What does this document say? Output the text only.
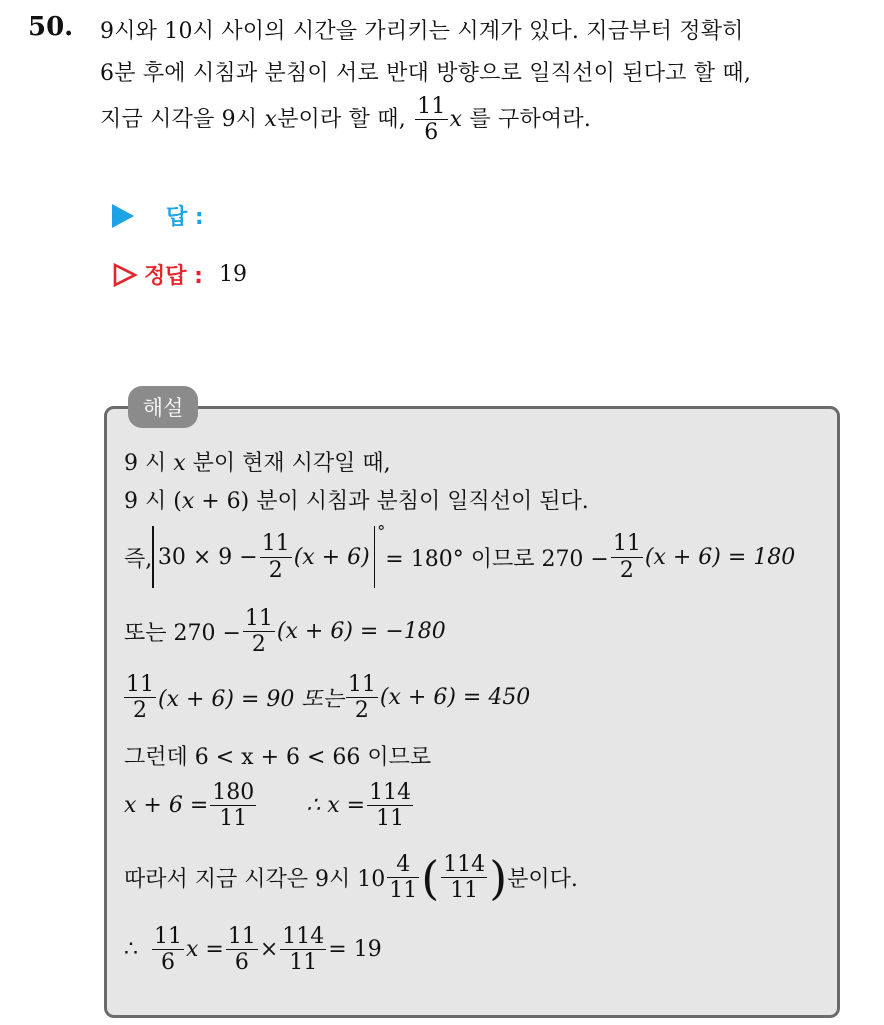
50. 9시와 10시 사이의 시간을 가리키는 시계가 있다. 지금부터 정확히
6분 후에 시침과 분침이 서로 반대 방향으로 일직선이 된다고 할 때,
지금 시각을 9시 x분이라 할 때, $\frac{11}{6}$ x 를 구하여라.
답 :
정답 : 19
해설
9 시 x 분이 현재 시각일 때,
9 시 (x + 6) 분이 시침과 분침이 일직선이 된다.
즉, $30 \times 9 - \frac{11}{2} (x + 6)$
°
= 180° 이므로 $270 - \frac{11}{2} (x + 6) = 180$
또는 $270 - \frac{11}{2} (x + 6) = -180$
$\frac{11}{2} (x + 6) = 90$ 또는 $\frac{11}{2} (x + 6) = 450$
그런데 6 < x + 6 < 66 이므로
$x + 6 = \frac{180}{11}$ ∴ $x = \frac{114}{11}$
따라서 지금 시각은 9시 $10 \frac{4}{11}$ ( $\frac{114}{11}$ ) 분이다.
∴ $\frac{11}{6}$ $x = \frac{11}{6} \times \frac{114}{11} = 19$
